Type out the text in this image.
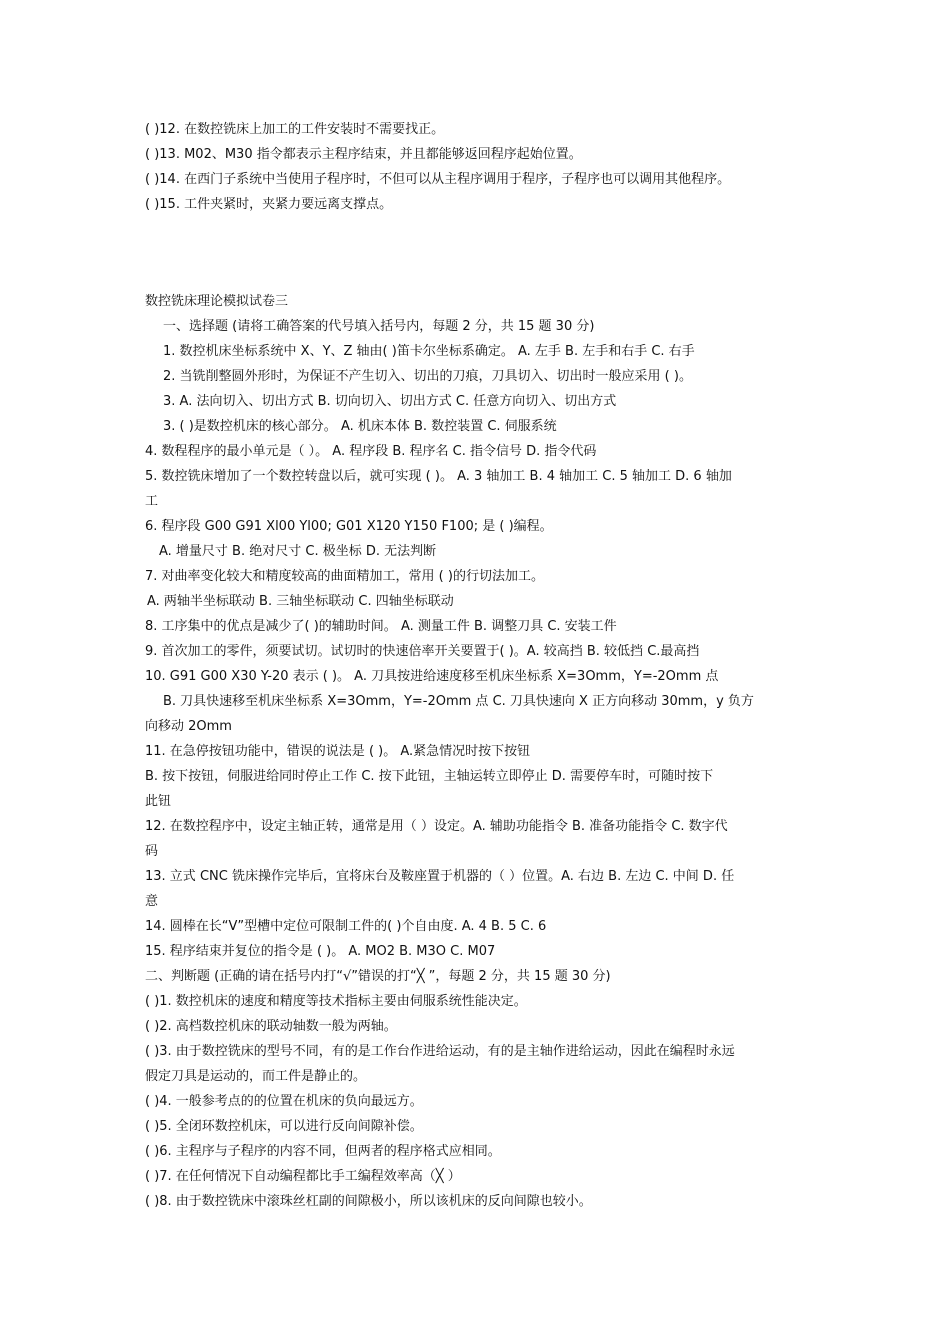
( )12. 在数控铣床上加工的工件安装时不需要找正。
( )13. M02、M30 指令都表示主程序结束，并且都能够返回程序起始位置。
( )14. 在西门子系统中当使用子程序时，不但可以从主程序调用于程序，子程序也可以调用其他程序。
( )15. 工件夹紧时，夹紧力要远离支撑点。
数控铣床理论模拟试卷三
一、选择题 (请将工确答案的代号填入括号内，每题 2 分，共 15 题 30 分)
1. 数控机床坐标系统中 X、Y、Z 轴由( )笛卡尔坐标系确定。 A. 左手 B. 左手和右手 C. 右手
2. 当铣削整圆外形时，为保证不产生切入、切出的刀痕，刀具切入、切出时一般应采用 ( )。
3. A. 法向切入、切出方式 B. 切向切入、切出方式 C. 任意方向切入、切出方式
3. ( )是数控机床的核心部分。 A. 机床本体 B. 数控装置 C. 伺服系统
4. 数程程序的最小单元是（ ）。 A. 程序段 B. 程序名 C. 指令信号 D. 指令代码
5. 数控铣床增加了一个数控转盘以后，就可实现 ( )。 A. 3 轴加工 B. 4 轴加工 C. 5 轴加工 D. 6 轴加
工
6. 程序段 G00 G91 Xl00 Yl00; G01 X120 Y150 F100; 是 ( )编程。
A. 增量尺寸 B. 绝对尺寸 C. 极坐标 D. 无法判断
7. 对曲率变化较大和精度较高的曲面精加工，常用 ( )的行切法加工。
A. 两轴半坐标联动 B. 三轴坐标联动 C. 四轴坐标联动
8. 工序集中的优点是减少了( )的辅助时间。 A. 测量工件 B. 调整刀具 C. 安装工件
9. 首次加工的零件，须要试切。试切时的快速倍率开关要置于( )。A. 较高挡 B. 较低挡 C.最高挡
10. G91 G00 X30 Y-20 表示 ( )。 A. 刀具按进给速度移至机床坐标系 X=3Omm，Y=-2Omm 点
B. 刀具快速移至机床坐标系 X=3Omm，Y=-2Omm 点 C. 刀具快速向 X 正方向移动 30mm，y 负方
向移动 2Omm
11. 在急停按钮功能中，错误的说法是 ( )。 A.紧急情况时按下按钮
B. 按下按钮，伺服进给同时停止工作 C. 按下此钮，主轴运转立即停止 D. 需要停车时，可随时按下
此钮
12. 在数控程序中，设定主轴正转，通常是用（ ）设定。A. 辅助功能指令 B. 准备功能指令 C. 数字代
码
13. 立式 CNC 铣床操作完毕后，宜将床台及鞍座置于机器的（ ）位置。A. 右边 B. 左边 C. 中间 D. 任
意
14. 圆棒在长“V”型槽中定位可限制工件的( )个自由度. A. 4 B. 5 C. 6
15. 程序结束并复位的指令是 ( )。 A. MO2 B. M3O C. M07
二、判断题 (正确的请在括号内打“√”错误的打“╳ ”，每题 2 分，共 15 题 30 分)
( )1. 数控机床的速度和精度等技术指标主要由伺服系统性能决定。
( )2. 高档数控机床的联动轴数一般为两轴。
( )3. 由于数控铣床的型号不同，有的是工作台作进给运动，有的是主轴作进给运动，因此在编程时永远
假定刀具是运动的，而工件是静止的。
( )4. 一般参考点的的位置在机床的负向最远方。
( )5. 全闭环数控机床，可以进行反向间隙补偿。
( )6. 主程序与子程序的内容不同，但两者的程序格式应相同。
( )7. 在任何情况下自动编程都比手工编程效率高（╳ ）
( )8. 由于数控铣床中滚珠丝杠副的间隙极小，所以该机床的反向间隙也较小。
